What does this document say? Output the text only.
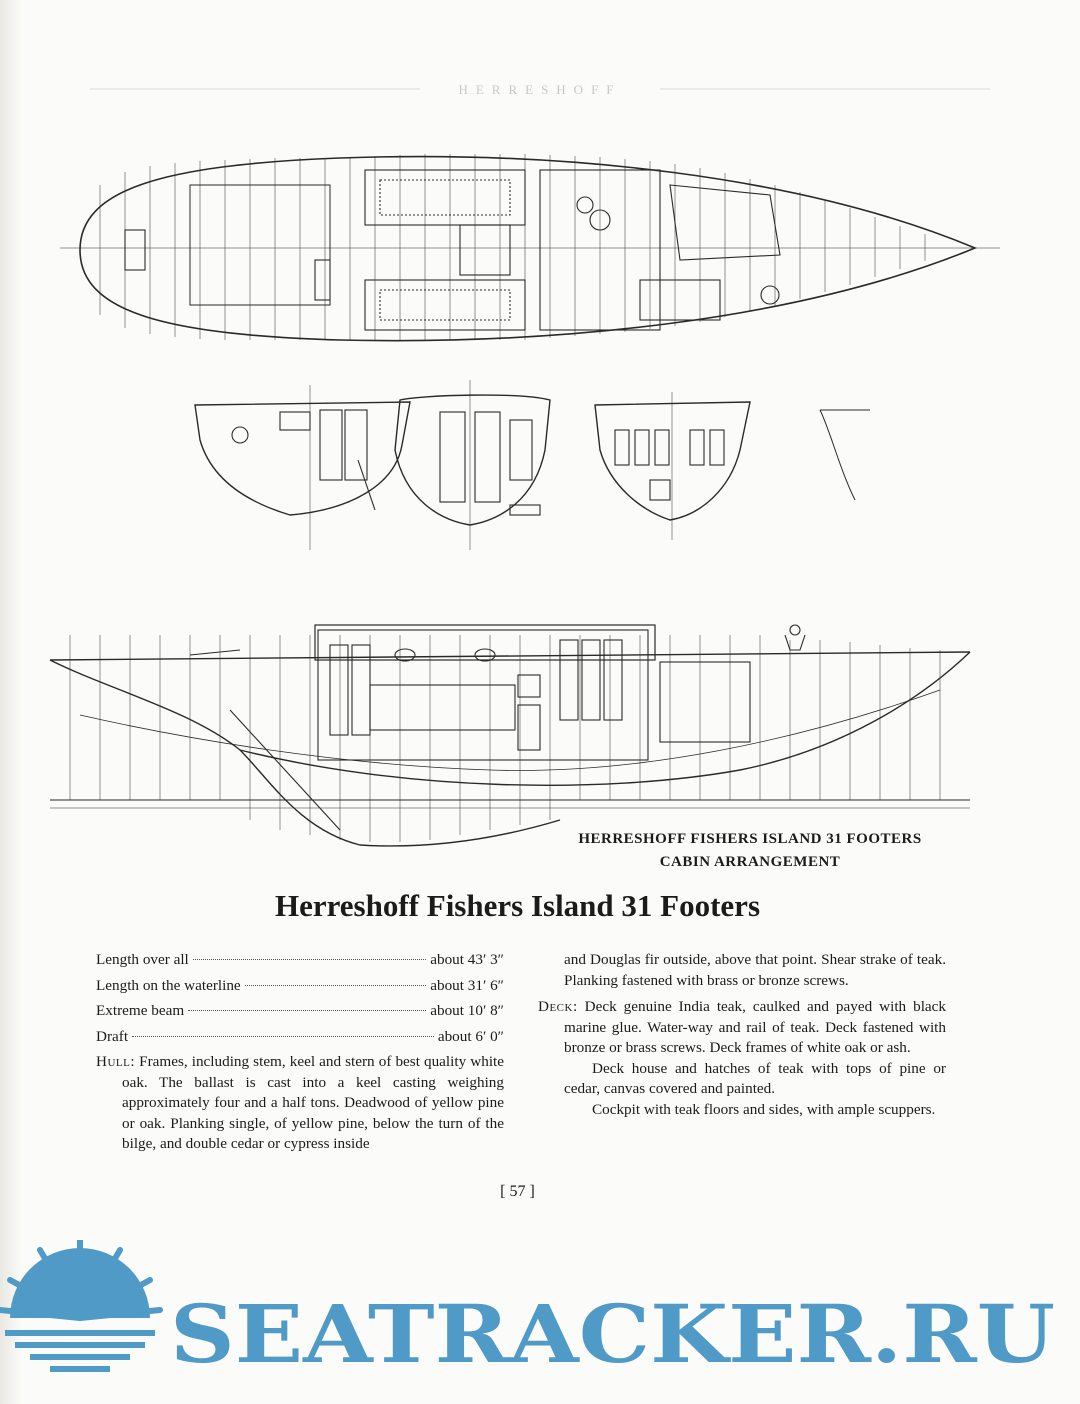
HERRESHOFF
HERRESHOFF FISHERS ISLAND 31 FOOTERS
CABIN ARRANGEMENT
Herreshoff Fishers Island 31 Footers
Length over all	about 43′ 3″
Length on the waterline	about 31′ 6″
Extreme beam	about 10′ 8″
Draft	about 6′ 0″

Hull: Frames, including stem, keel and stern of best quality white oak. The ballast is cast into a keel casting weighing approximately four and a half tons. Deadwood of yellow pine or oak. Planking single, of yellow pine, below the turn of the bilge, and double cedar or cypress inside

and Douglas fir outside, above that point. Shear strake of teak. Planking fastened with brass or bronze screws.

Deck: Deck genuine India teak, caulked and payed with black marine glue. Water-way and rail of teak. Deck fastened with bronze or brass screws. Deck frames of white oak or ash.

Deck house and hatches of teak with tops of pine or cedar, canvas covered and painted.

Cockpit with teak floors and sides, with ample scuppers.

[ 57 ]
SEATRACKER.RU
